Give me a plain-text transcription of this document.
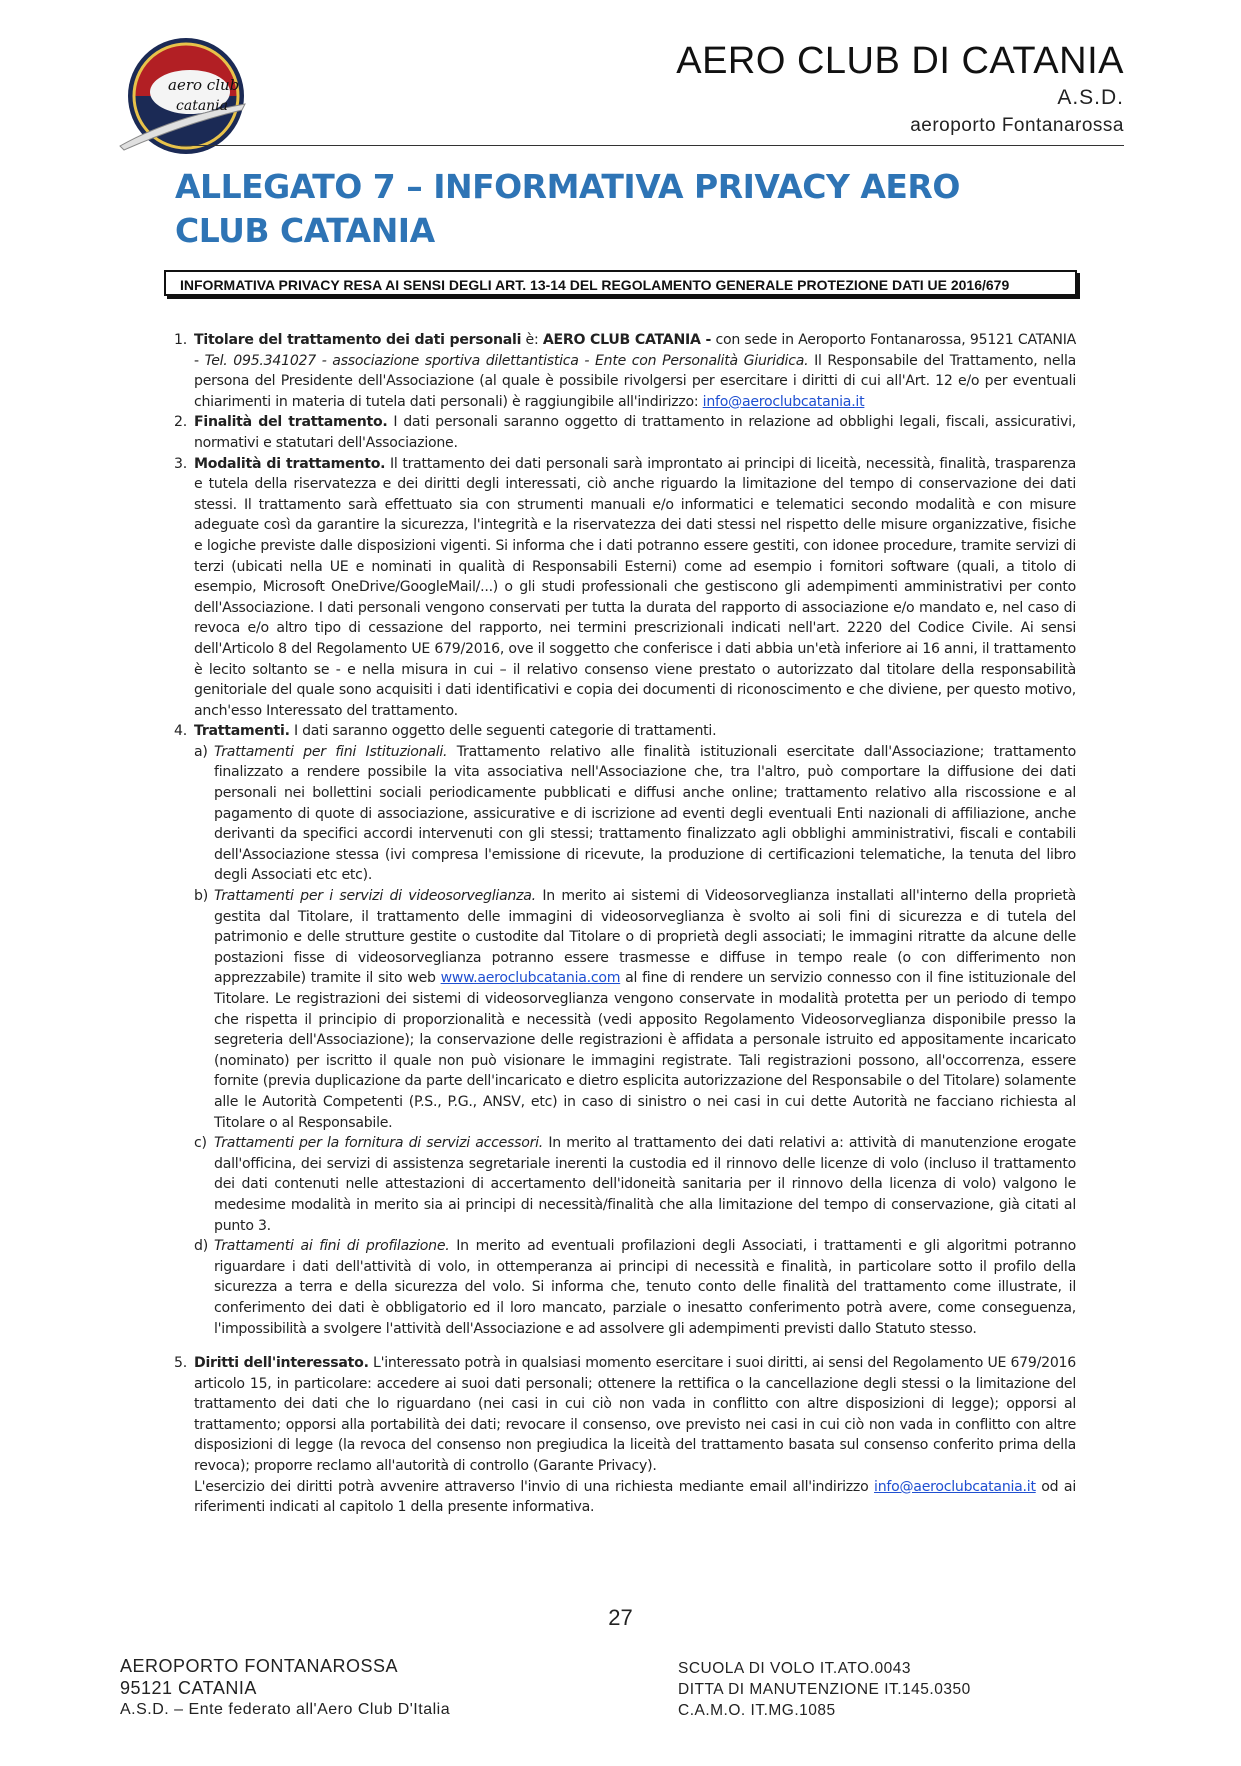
aero club
catania
AERO CLUB DI CATANIA
A.S.D.
aeroporto Fontanarossa
ALLEGATO 7 – INFORMATIVA PRIVACY AERO CLUB CATANIA
INFORMATIVA PRIVACY RESA AI SENSI DEGLI ART. 13-14 DEL REGOLAMENTO GENERALE PROTEZIONE DATI UE 2016/679
1. Titolare del trattamento dei dati personali è: AERO CLUB CATANIA - con sede in Aeroporto Fontanarossa, 95121 CATANIA - Tel. 095.341027 - associazione sportiva dilettantistica - Ente con Personalità Giuridica. Il Responsabile del Trattamento, nella persona del Presidente dell'Associazione (al quale è possibile rivolgersi per esercitare i diritti di cui all'Art. 12 e/o per eventuali chiarimenti in materia di tutela dati personali) è raggiungibile all'indirizzo: info@aeroclubcatania.it
2. Finalità del trattamento. I dati personali saranno oggetto di trattamento in relazione ad obblighi legali, fiscali, assicurativi, normativi e statutari dell'Associazione.
3. Modalità di trattamento. Il trattamento dei dati personali sarà improntato ai principi di liceità, necessità, finalità, trasparenza e tutela della riservatezza e dei diritti degli interessati, ciò anche riguardo la limitazione del tempo di conservazione dei dati stessi. Il trattamento sarà effettuato sia con strumenti manuali e/o informatici e telematici secondo modalità e con misure adeguate così da garantire la sicurezza, l'integrità e la riservatezza dei dati stessi nel rispetto delle misure organizzative, fisiche e logiche previste dalle disposizioni vigenti. Si informa che i dati potranno essere gestiti, con idonee procedure, tramite servizi di terzi (ubicati nella UE e nominati in qualità di Responsabili Esterni) come ad esempio i fornitori software (quali, a titolo di esempio, Microsoft OneDrive/GoogleMail/...) o gli studi professionali che gestiscono gli adempimenti amministrativi per conto dell'Associazione. I dati personali vengono conservati per tutta la durata del rapporto di associazione e/o mandato e, nel caso di revoca e/o altro tipo di cessazione del rapporto, nei termini prescrizionali indicati nell'art. 2220 del Codice Civile. Ai sensi dell'Articolo 8 del Regolamento UE 679/2016, ove il soggetto che conferisce i dati abbia un'età inferiore ai 16 anni, il trattamento è lecito soltanto se - e nella misura in cui – il relativo consenso viene prestato o autorizzato dal titolare della responsabilità genitoriale del quale sono acquisiti i dati identificativi e copia dei documenti di riconoscimento e che diviene, per questo motivo, anch'esso Interessato del trattamento.
4. Trattamenti. I dati saranno oggetto delle seguenti categorie di trattamenti.
a) Trattamenti per fini Istituzionali. Trattamento relativo alle finalità istituzionali esercitate dall'Associazione; trattamento finalizzato a rendere possibile la vita associativa nell'Associazione che, tra l'altro, può comportare la diffusione dei dati personali nei bollettini sociali periodicamente pubblicati e diffusi anche online; trattamento relativo alla riscossione e al pagamento di quote di associazione, assicurative e di iscrizione ad eventi degli eventuali Enti nazionali di affiliazione, anche derivanti da specifici accordi intervenuti con gli stessi; trattamento finalizzato agli obblighi amministrativi, fiscali e contabili dell'Associazione stessa (ivi compresa l'emissione di ricevute, la produzione di certificazioni telematiche, la tenuta del libro degli Associati etc etc).
b) Trattamenti per i servizi di videosorveglianza. In merito ai sistemi di Videosorveglianza installati all'interno della proprietà gestita dal Titolare, il trattamento delle immagini di videosorveglianza è svolto ai soli fini di sicurezza e di tutela del patrimonio e delle strutture gestite o custodite dal Titolare o di proprietà degli associati; le immagini ritratte da alcune delle postazioni fisse di videosorveglianza potranno essere trasmesse e diffuse in tempo reale (o con differimento non apprezzabile) tramite il sito web www.aeroclubcatania.com al fine di rendere un servizio connesso con il fine istituzionale del Titolare. Le registrazioni dei sistemi di videosorveglianza vengono conservate in modalità protetta per un periodo di tempo che rispetta il principio di proporzionalità e necessità (vedi apposito Regolamento Videosorveglianza disponibile presso la segreteria dell'Associazione); la conservazione delle registrazioni è affidata a personale istruito ed appositamente incaricato (nominato) per iscritto il quale non può visionare le immagini registrate. Tali registrazioni possono, all'occorrenza, essere fornite (previa duplicazione da parte dell'incaricato e dietro esplicita autorizzazione del Responsabile o del Titolare) solamente alle le Autorità Competenti (P.S., P.G., ANSV, etc) in caso di sinistro o nei casi in cui dette Autorità ne facciano richiesta al Titolare o al Responsabile.
c) Trattamenti per la fornitura di servizi accessori. In merito al trattamento dei dati relativi a: attività di manutenzione erogate dall'officina, dei servizi di assistenza segretariale inerenti la custodia ed il rinnovo delle licenze di volo (incluso il trattamento dei dati contenuti nelle attestazioni di accertamento dell'idoneità sanitaria per il rinnovo della licenza di volo) valgono le medesime modalità in merito sia ai principi di necessità/finalità che alla limitazione del tempo di conservazione, già citati al punto 3.
d) Trattamenti ai fini di profilazione. In merito ad eventuali profilazioni degli Associati, i trattamenti e gli algoritmi potranno riguardare i dati dell'attività di volo, in ottemperanza ai principi di necessità e finalità, in particolare sotto il profilo della sicurezza a terra e della sicurezza del volo. Si informa che, tenuto conto delle finalità del trattamento come illustrate, il conferimento dei dati è obbligatorio ed il loro mancato, parziale o inesatto conferimento potrà avere, come conseguenza, l'impossibilità a svolgere l'attività dell'Associazione e ad assolvere gli adempimenti previsti dallo Statuto stesso.
5. Diritti dell'interessato. L'interessato potrà in qualsiasi momento esercitare i suoi diritti, ai sensi del Regolamento UE 679/2016 articolo 15, in particolare: accedere ai suoi dati personali; ottenere la rettifica o la cancellazione degli stessi o la limitazione del trattamento dei dati che lo riguardano (nei casi in cui ciò non vada in conflitto con altre disposizioni di legge); opporsi al trattamento; opporsi alla portabilità dei dati; revocare il consenso, ove previsto nei casi in cui ciò non vada in conflitto con altre disposizioni di legge (la revoca del consenso non pregiudica la liceità del trattamento basata sul consenso conferito prima della revoca); proporre reclamo all'autorità di controllo (Garante Privacy).
L'esercizio dei diritti potrà avvenire attraverso l'invio di una richiesta mediante email all'indirizzo info@aeroclubcatania.it od ai riferimenti indicati al capitolo 1 della presente informativa.
27
AEROPORTO FONTANAROSSA
95121 CATANIA
A.S.D. – Ente federato all'Aero Club D'Italia
SCUOLA DI VOLO IT.ATO.0043
DITTA DI MANUTENZIONE IT.145.0350
C.A.M.O. IT.MG.1085
